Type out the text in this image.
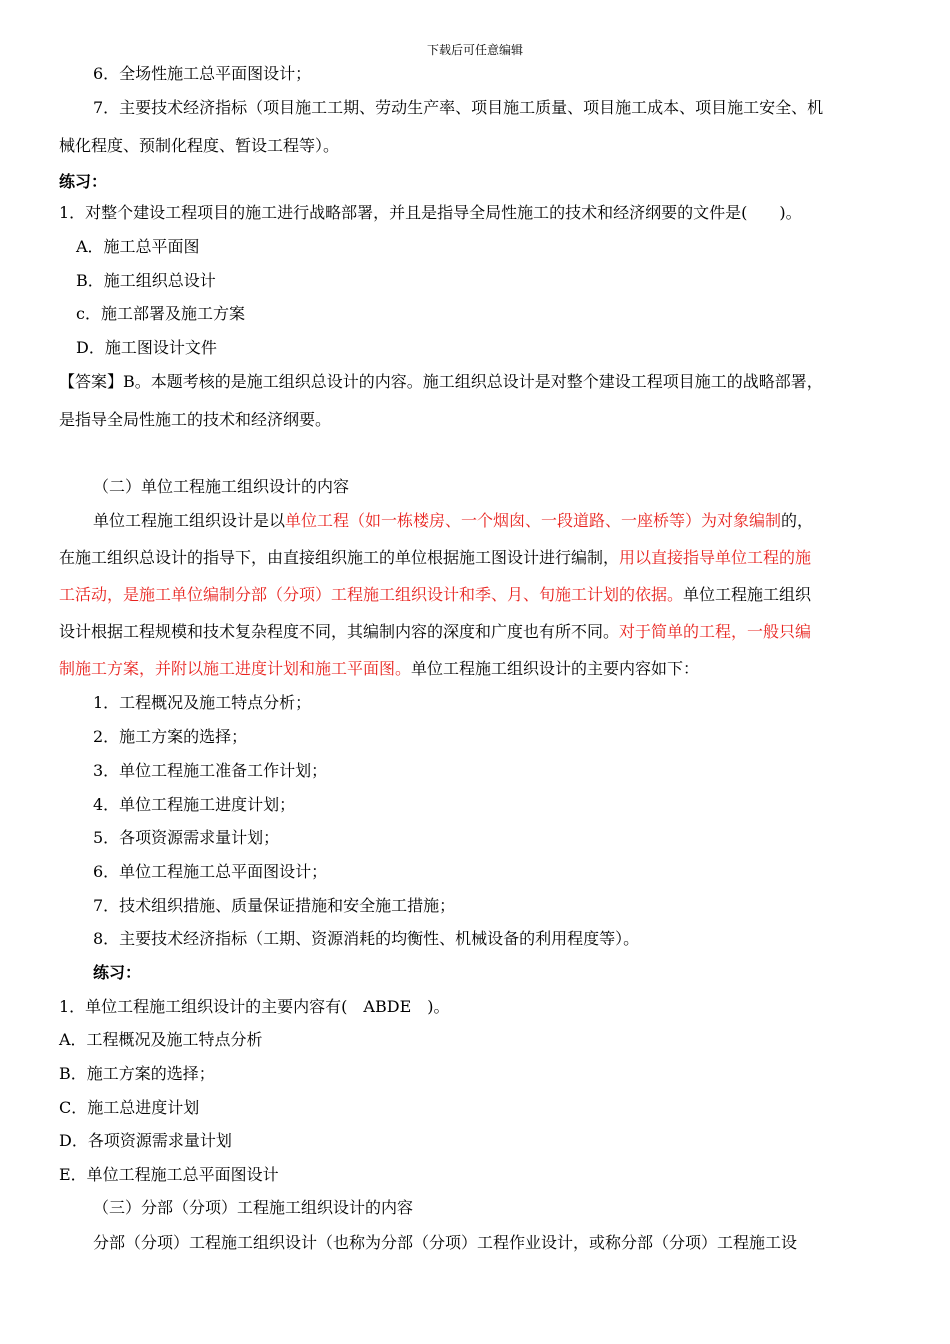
下载后可任意编辑
6．全场性施工总平面图设计；
7．主要技术经济指标（项目施工工期、劳动生产率、项目施工质量、项目施工成本、项目施工安全、机
械化程度、预制化程度、暂设工程等）。
练习：
1．对整个建设工程项目的施工进行战略部署，并且是指导全局性施工的技术和经济纲要的文件是(　　)。
A．施工总平面图
B．施工组织总设计
c．施工部署及施工方案
D．施工图设计文件
【答案】B。本题考核的是施工组织总设计的内容。施工组织总设计是对整个建设工程项目施工的战略部署，
是指导全局性施工的技术和经济纲要。
（二）单位工程施工组织设计的内容
单位工程施工组织设计是以单位工程（如一栋楼房、一个烟囱、一段道路、一座桥等）为对象编制的，
在施工组织总设计的指导下，由直接组织施工的单位根据施工图设计进行编制，用以直接指导单位工程的施
工活动，是施工单位编制分部（分项）工程施工组织设计和季、月、旬施工计划的依据。单位工程施工组织
设计根据工程规模和技术复杂程度不同，其编制内容的深度和广度也有所不同。对于简单的工程，一般只编
制施工方案，并附以施工进度计划和施工平面图。单位工程施工组织设计的主要内容如下：
1．工程概况及施工特点分析；
2．施工方案的选择；
3．单位工程施工准备工作计划；
4．单位工程施工进度计划；
5．各项资源需求量计划；
6．单位工程施工总平面图设计；
7．技术组织措施、质量保证措施和安全施工措施；
8．主要技术经济指标（工期、资源消耗的均衡性、机械设备的利用程度等）。
练习：
1．单位工程施工组织设计的主要内容有(　ABDE　)。
A．工程概况及施工特点分析
B．施工方案的选择；
C．施工总进度计划
D．各项资源需求量计划
E．单位工程施工总平面图设计
（三）分部（分项）工程施工组织设计的内容
分部（分项）工程施工组织设计（也称为分部（分项）工程作业设计，或称分部（分项）工程施工设
